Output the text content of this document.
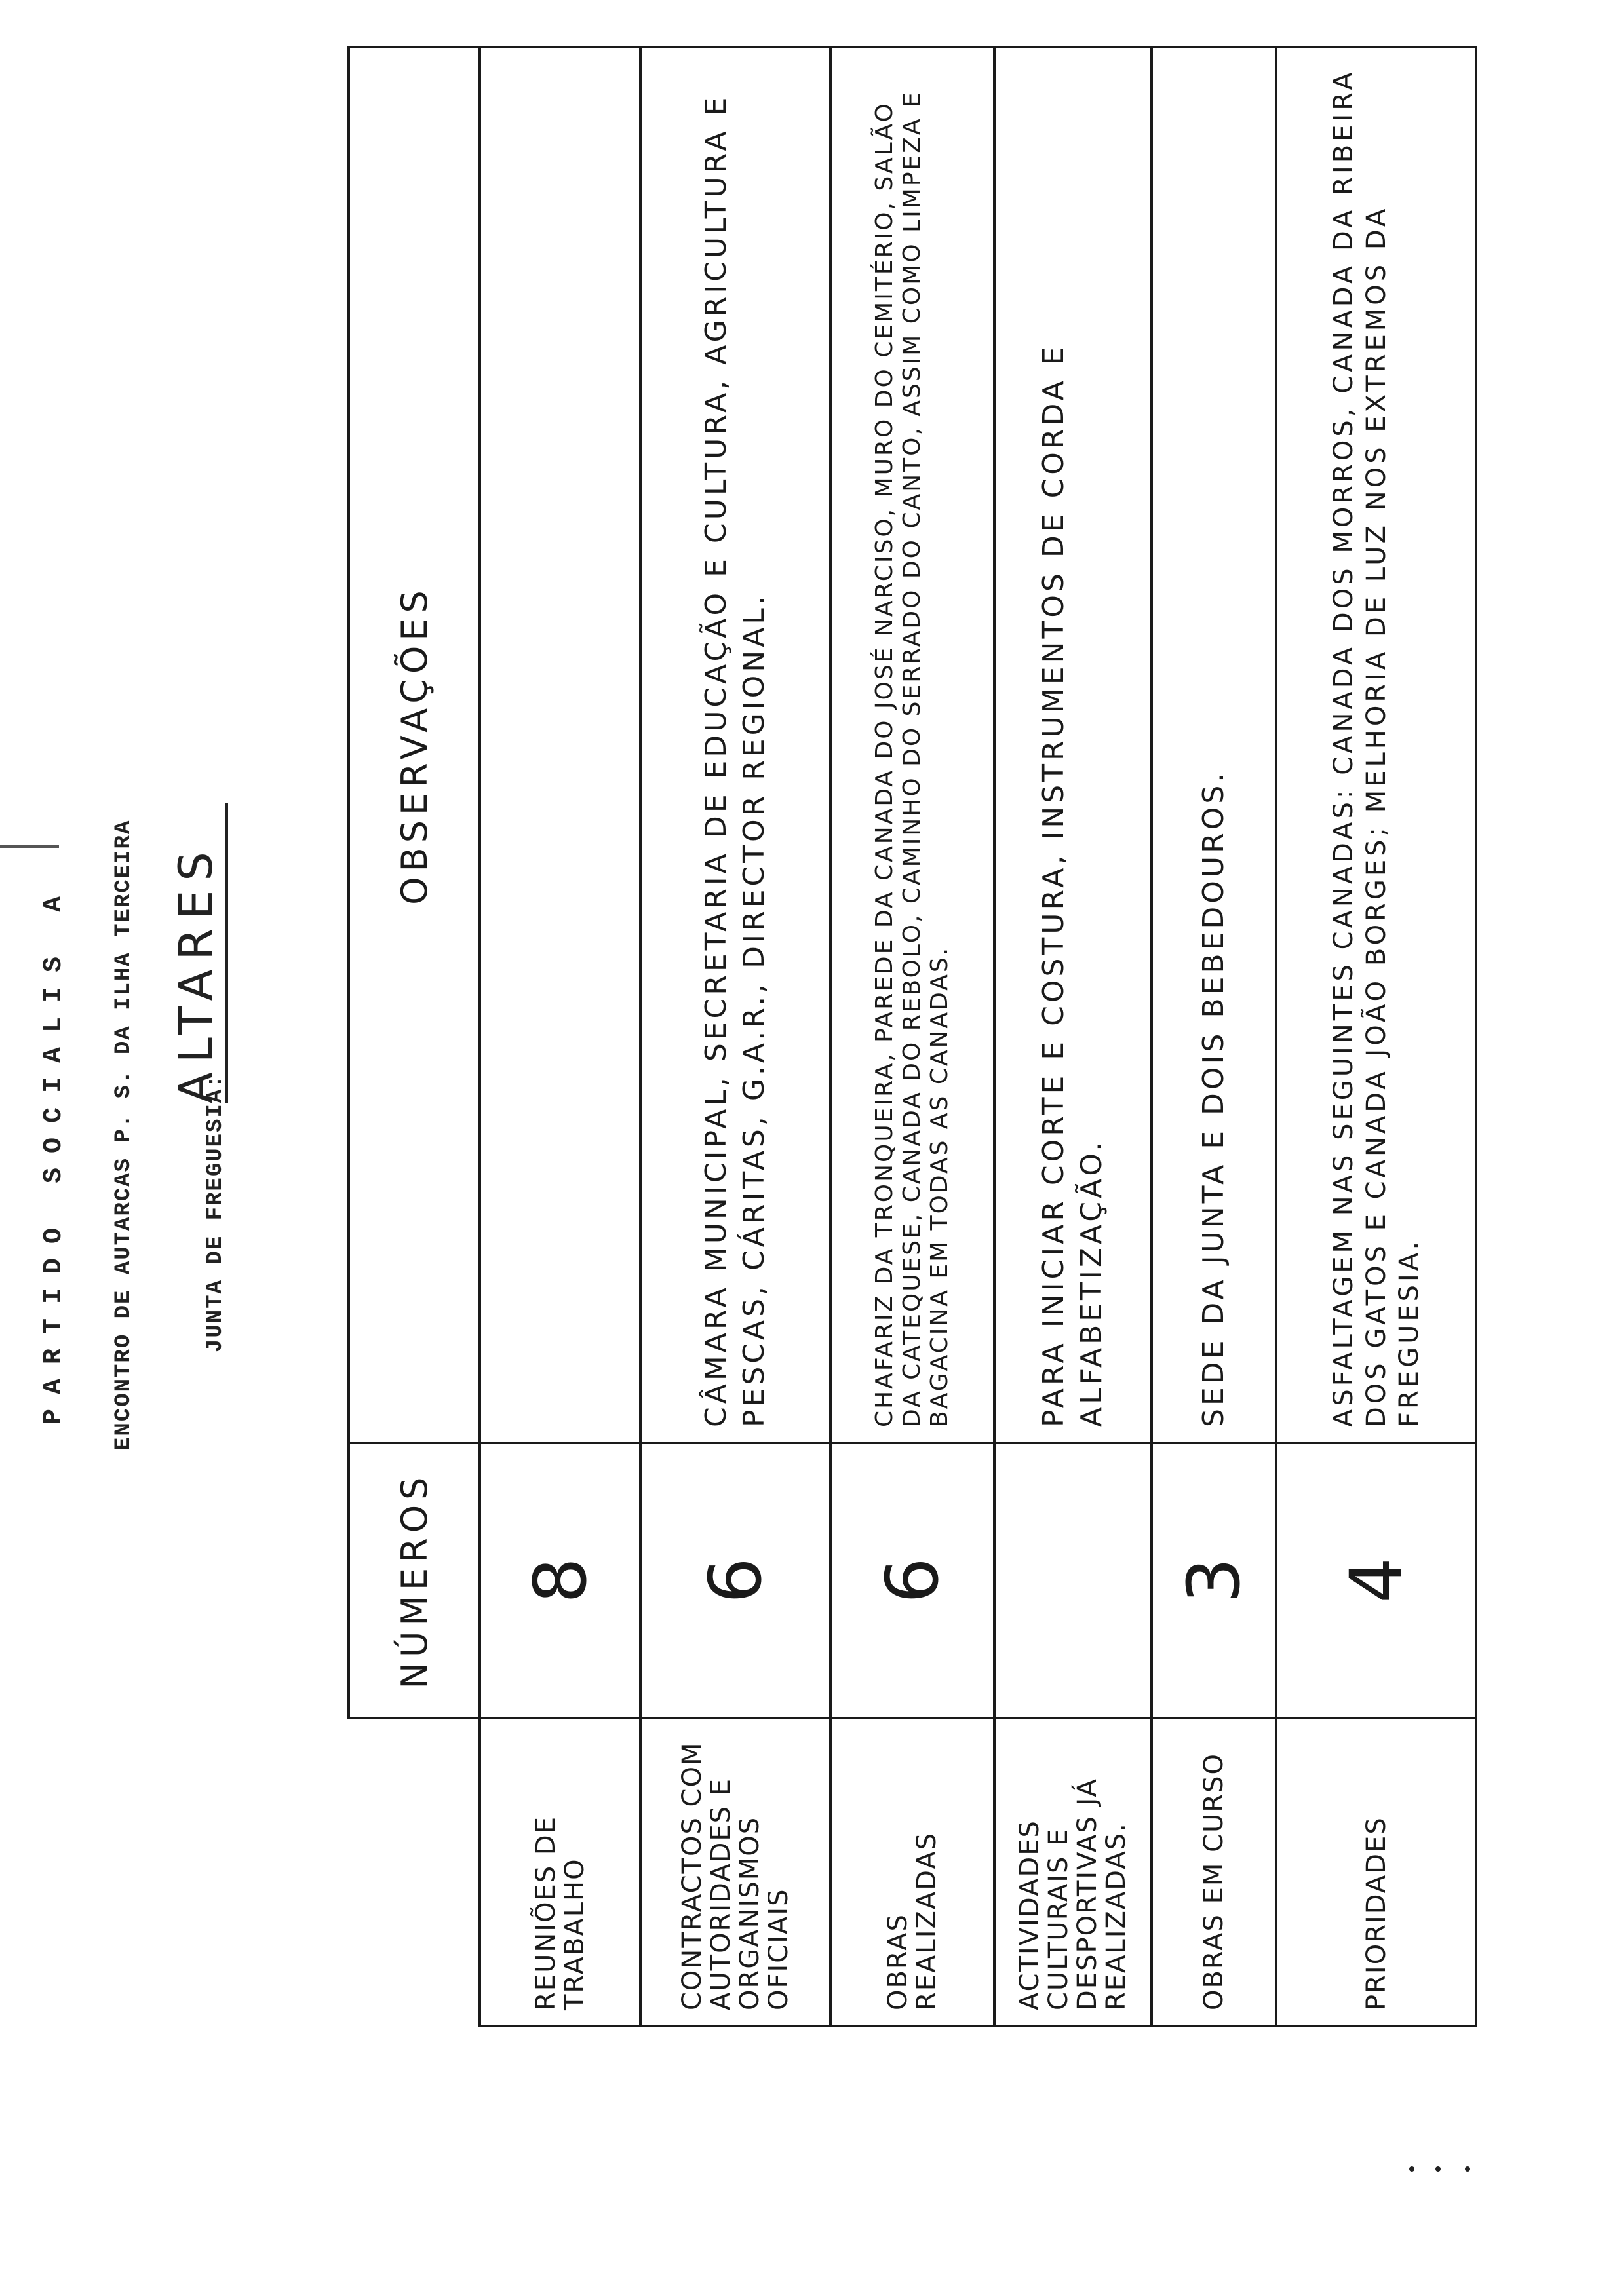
PARTIDO SOCIALIS A ENCONTRO DE AUTARCAS P. S. DA ILHA TERCEIRA	JUNTA DE FREGUESIA:
ALTARES
	NÚMEROS	OBSERVAÇÕES
REUNIÕES DE TRABALHO	8	
CONTRACTOS COM AUTORIDADES E ORGANISMOS OFICIAIS	6	CÂMARA MUNICIPAL, SECRETARIA DE EDUCAÇÃO E CULTURA, AGRICULTURA E PESCAS, CÁRITAS, G.A.R., DIRECTOR REGIONAL.
OBRAS REALIZADAS	6	CHAFARIZ DA TRONQUEIRA, PAREDE DA CANADA DO JOSÉ NARCISO, MURO DO CEMITÉRIO, SALÃO DA CATEQUESE, CANADA DO REBOLO, CAMINHO DO SERRADO DO CANTO, ASSIM COMO LIMPEZA E BAGACINA EM TODAS AS CANADAS.
ACTIVIDADES CULTURAIS E DESPORTIVAS JÁ REALIZADAS.		PARA INICIAR CORTE E COSTURA, INSTRUMENTOS DE CORDA E ALFABETIZAÇÃO.
OBRAS EM CURSO	3	SEDE DA JUNTA E DOIS BEBEDOUROS.
PRIORIDADES	4	ASFALTAGEM NAS SEGUINTES CANADAS: CANADA DOS MORROS, CANADA DA RIBEIRA DOS GATOS E CANADA JOÃO BORGES; MELHORIA DE LUZ NOS EXTREMOS DA FREGUESIA.
